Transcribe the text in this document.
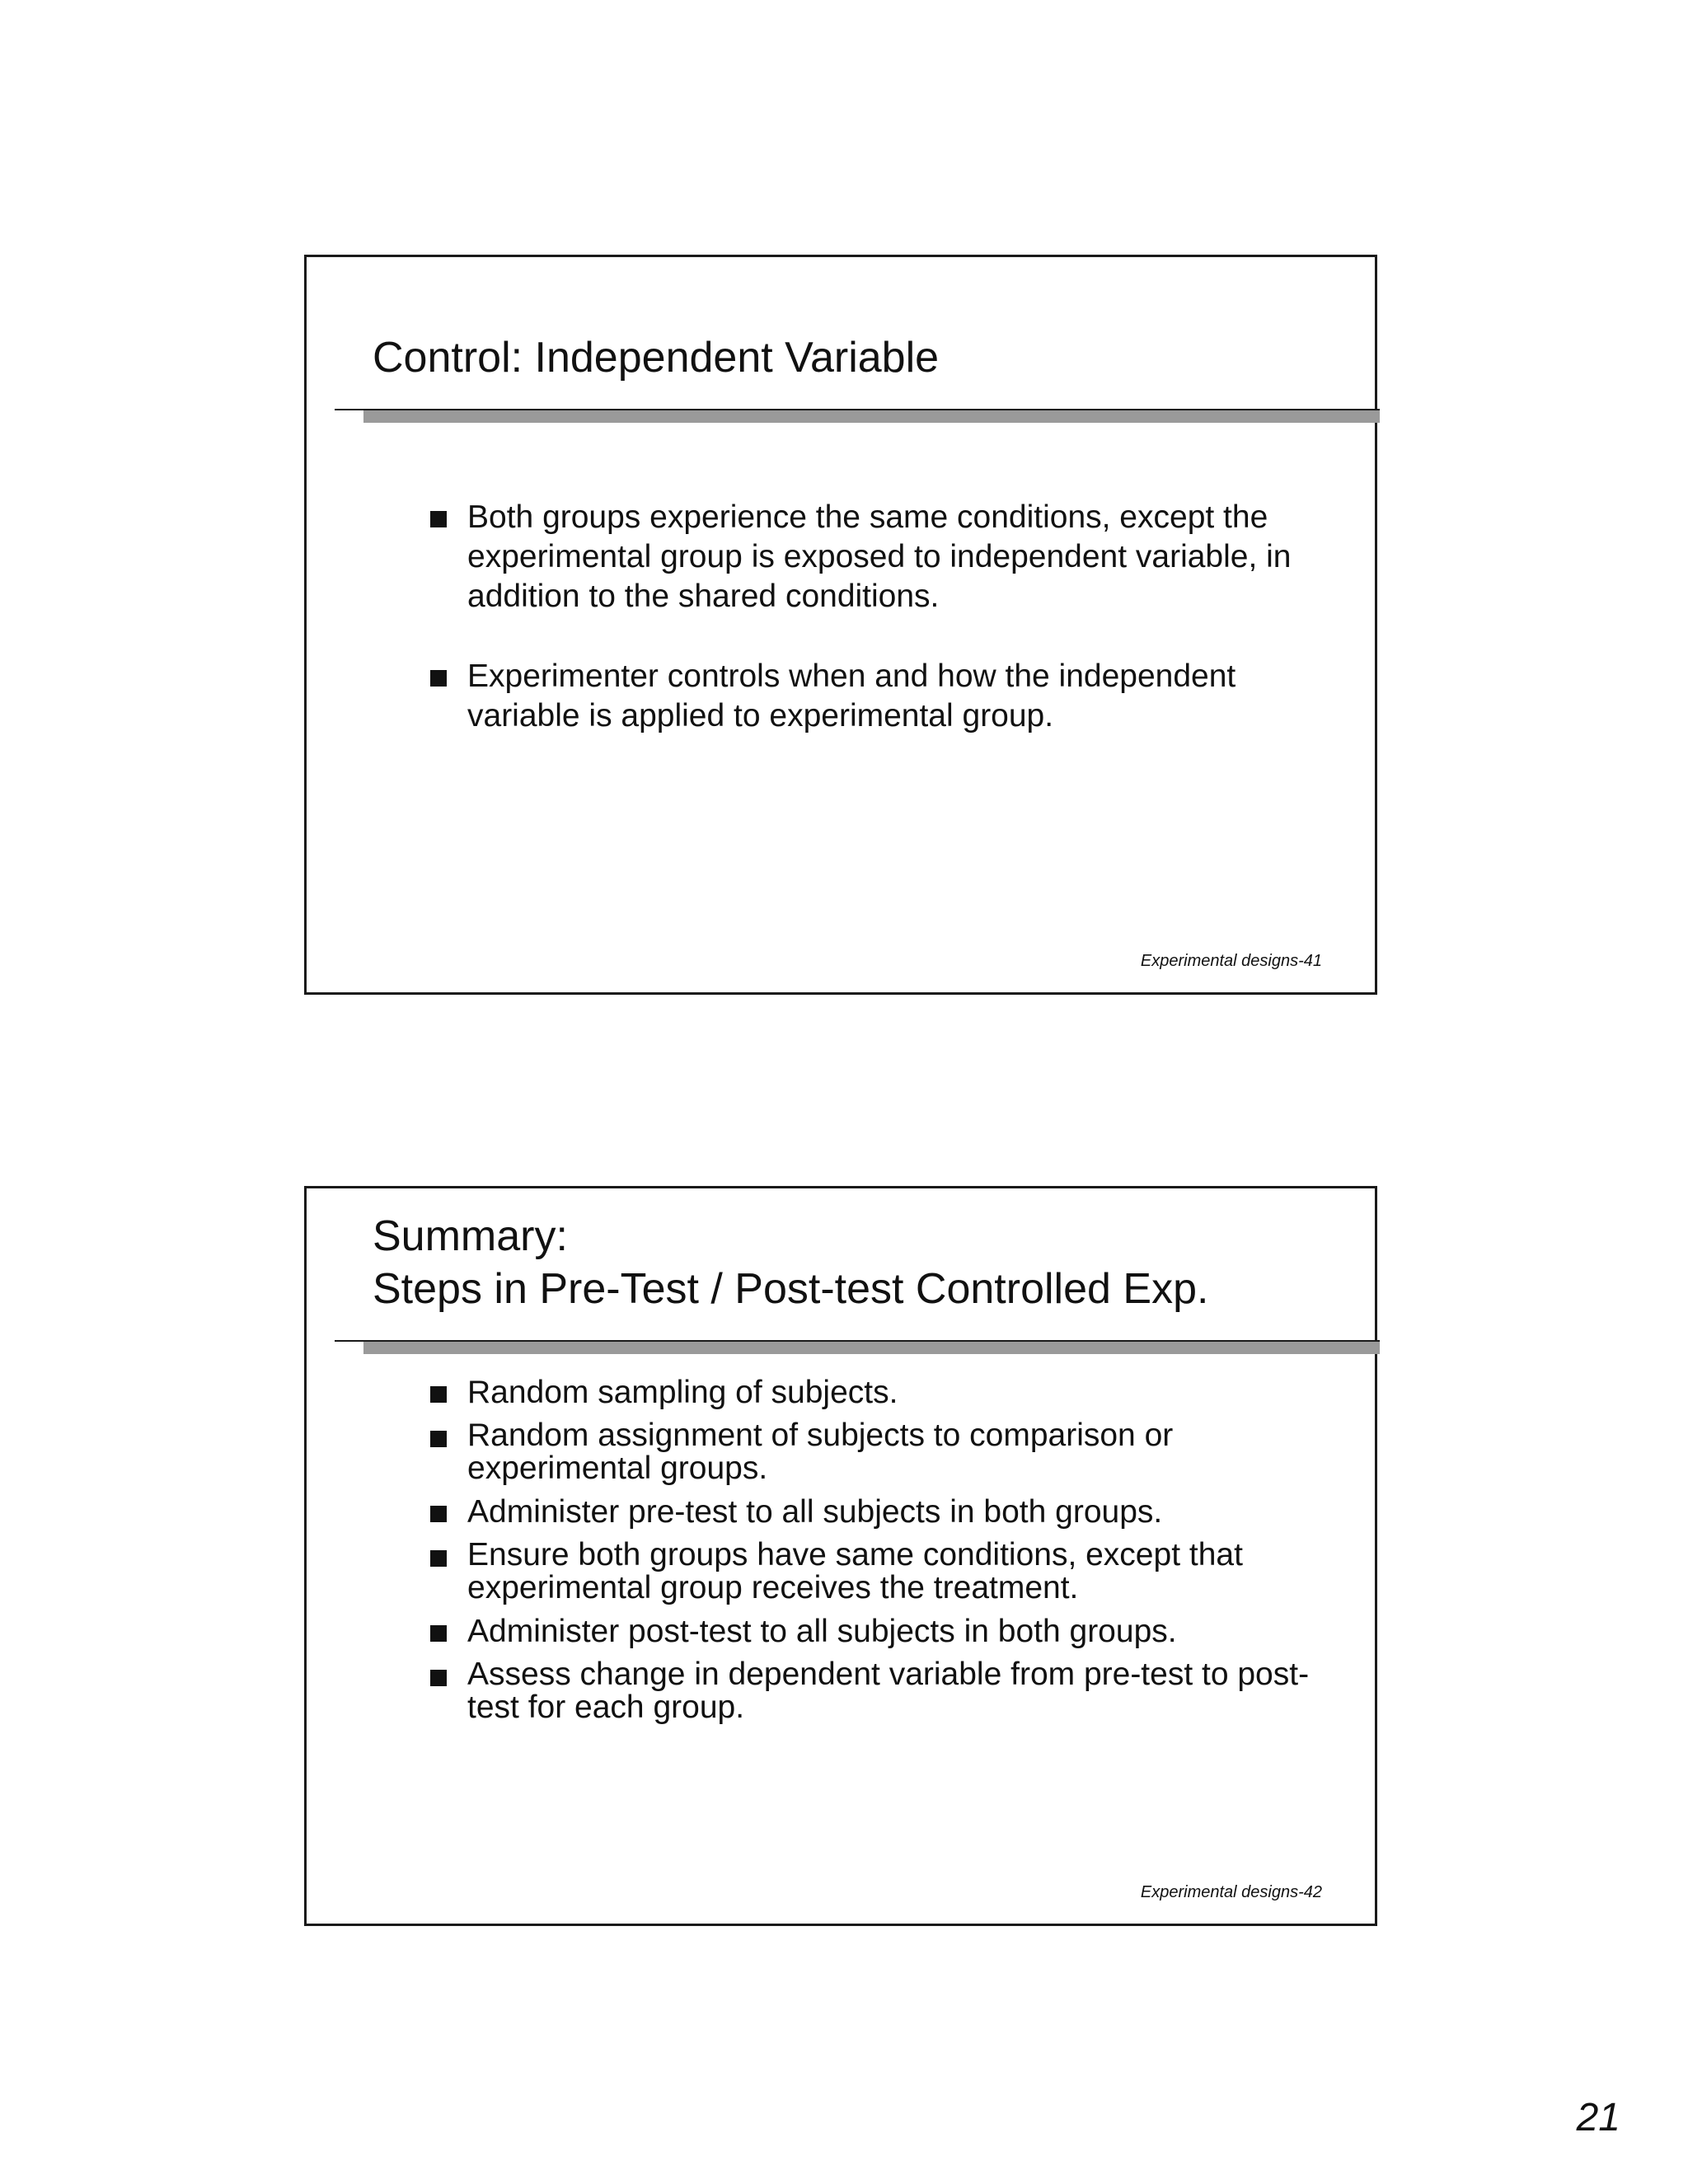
Control: Independent Variable
Both groups experience the same conditions, except the experimental group is exposed to independent variable, in addition to the shared conditions.
Experimenter controls when and how the independent variable is applied to experimental group.
Experimental designs-41
Summary:
Steps in Pre-Test / Post-test Controlled Exp.
Random sampling of subjects.
Random assignment of subjects to comparison or experimental groups.
Administer pre-test to all subjects in both groups.
Ensure both groups have same conditions, except that experimental group receives the treatment.
Administer post-test to all subjects in both groups.
Assess change in dependent variable from pre-test to post-test for each group.
Experimental designs-42
21
